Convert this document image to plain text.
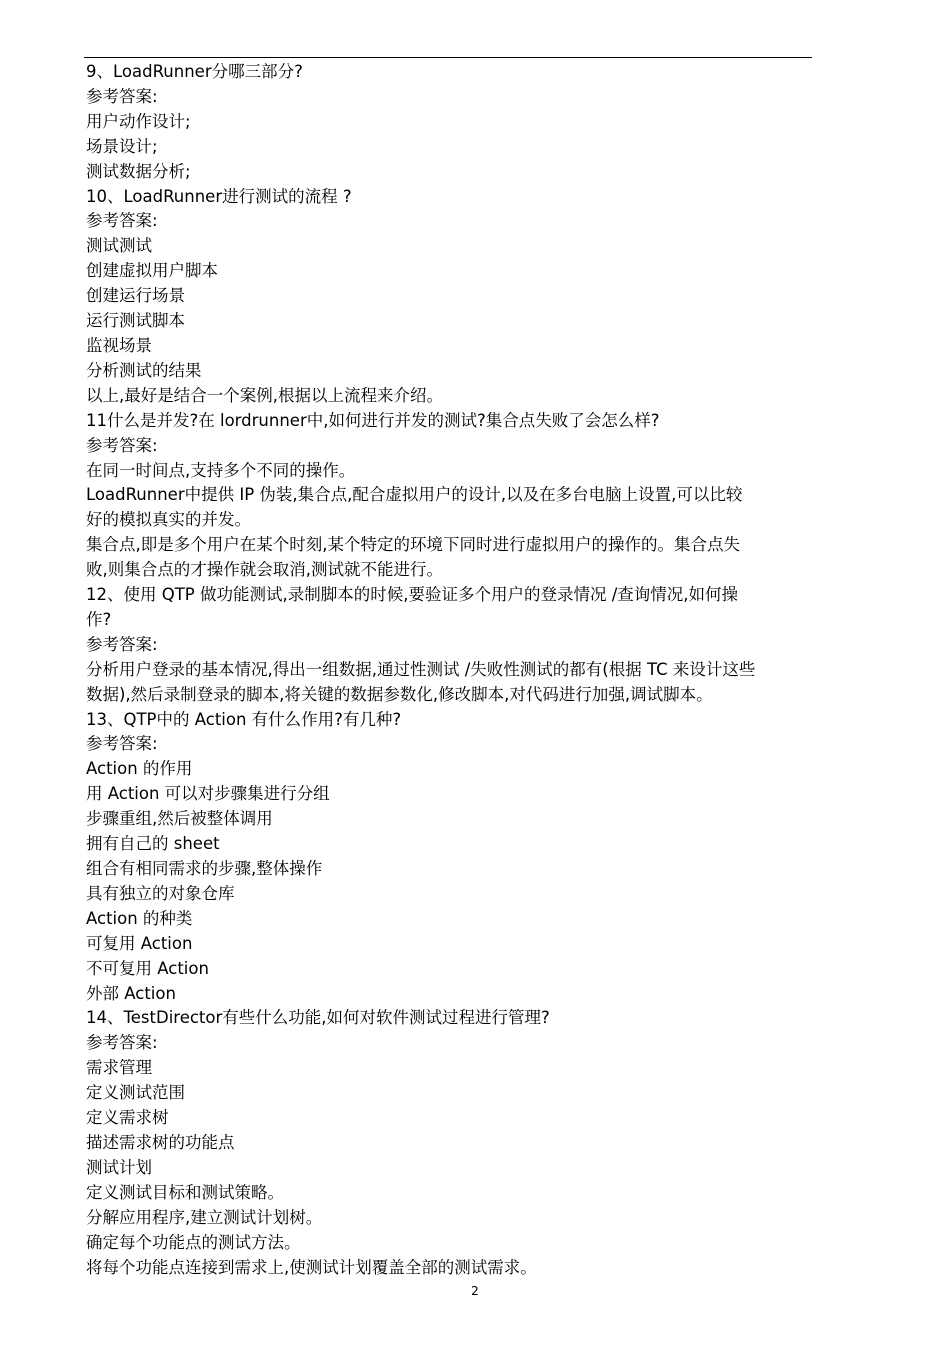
9、LoadRunner分哪三部分?
参考答案:
用户动作设计;
场景设计;
测试数据分析;
10、LoadRunner进行测试的流程 ?
参考答案:
测试测试
创建虚拟用户脚本
创建运行场景
运行测试脚本
监视场景
分析测试的结果
以上,最好是结合一个案例,根据以上流程来介绍。
11什么是并发?在 lordrunner中,如何进行并发的测试?集合点失败了会怎么样?
参考答案:
在同一时间点,支持多个不同的操作。
LoadRunner中提供 IP 伪装,集合点,配合虚拟用户的设计,以及在多台电脑上设置,可以比较
好的模拟真实的并发。
集合点,即是多个用户在某个时刻,某个特定的环境下同时进行虚拟用户的操作的。集合点失
败,则集合点的才操作就会取消,测试就不能进行。
12、使用 QTP 做功能测试,录制脚本的时候,要验证多个用户的登录情况 /查询情况,如何操
作?
参考答案:
分析用户登录的基本情况,得出一组数据,通过性测试 /失败性测试的都有(根据 TC 来设计这些
数据),然后录制登录的脚本,将关键的数据参数化,修改脚本,对代码进行加强,调试脚本。
13、QTP中的 Action 有什么作用?有几种?
参考答案:
Action 的作用
用 Action 可以对步骤集进行分组
步骤重组,然后被整体调用
拥有自己的 sheet
组合有相同需求的步骤,整体操作
具有独立的对象仓库
Action 的种类
可复用 Action
不可复用 Action
外部 Action
14、TestDirector有些什么功能,如何对软件测试过程进行管理?
参考答案:
需求管理
定义测试范围
定义需求树
描述需求树的功能点
测试计划
定义测试目标和测试策略。
分解应用程序,建立测试计划树。
确定每个功能点的测试方法。
将每个功能点连接到需求上,使测试计划覆盖全部的测试需求。
2
